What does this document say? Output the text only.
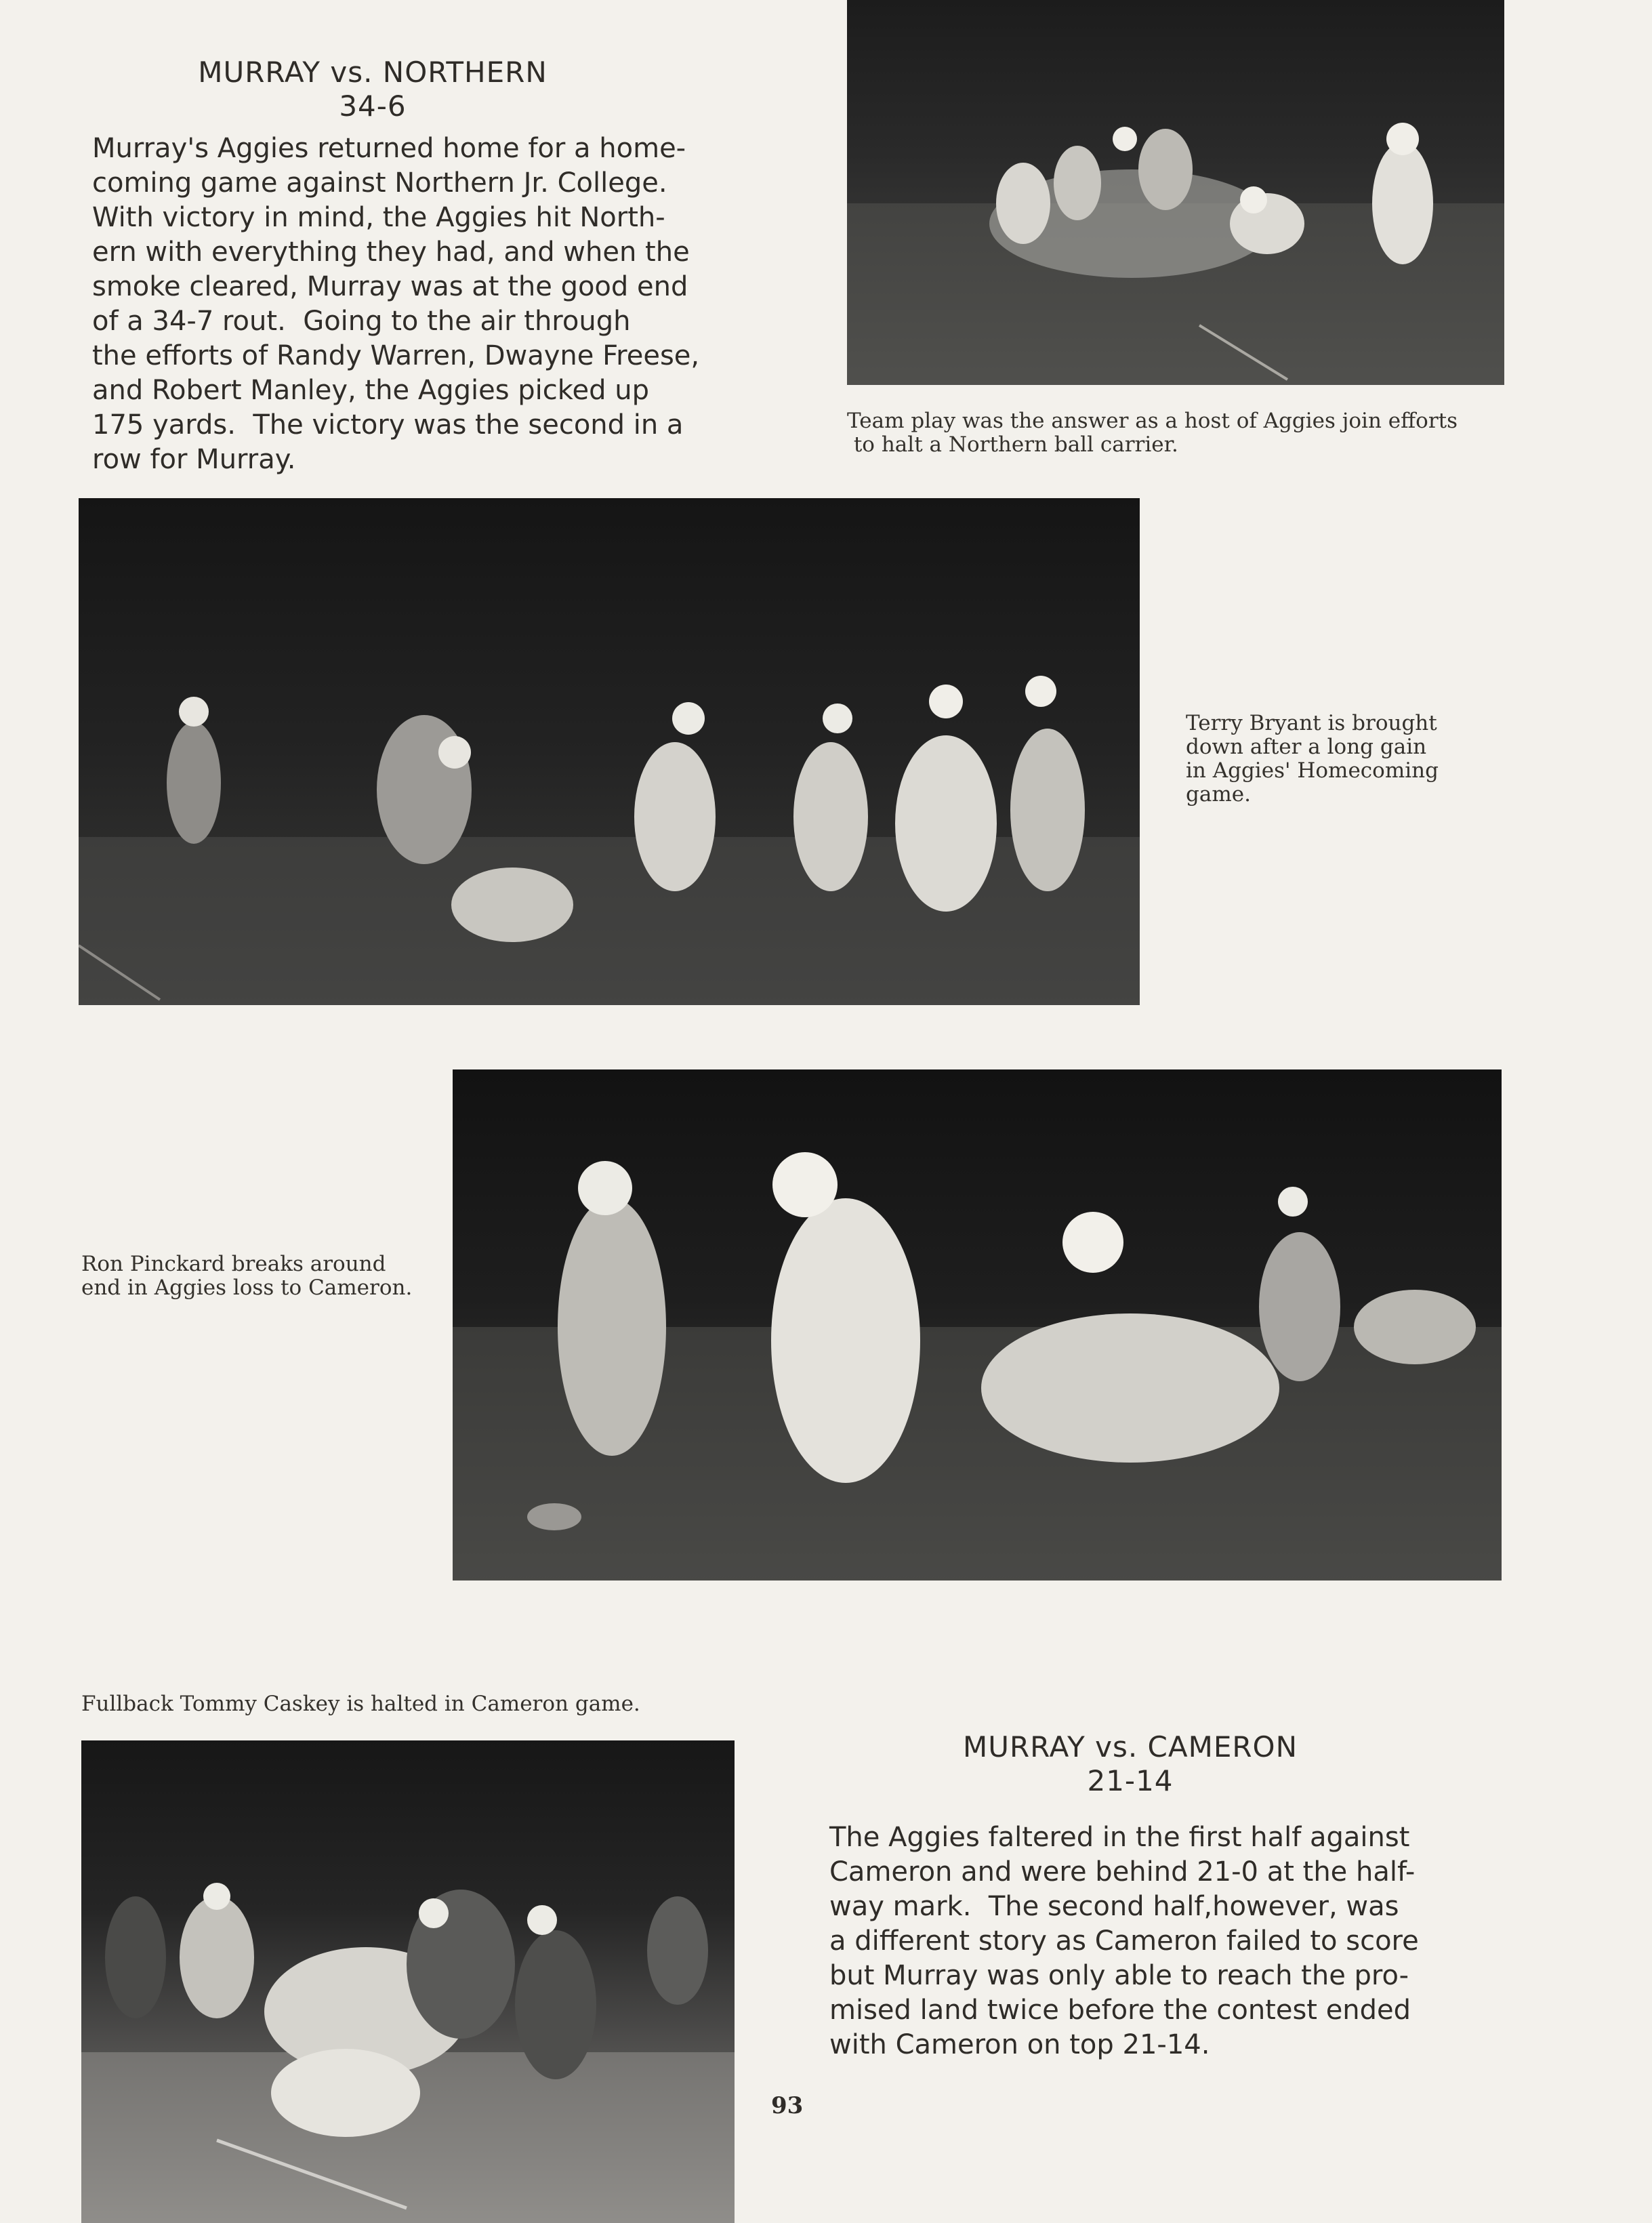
MURRAY vs. NORTHERN
34-6
Murray's Aggies returned home for a home-
coming game against Northern Jr. College.
With victory in mind, the Aggies hit North-
ern with everything they had, and when the
smoke cleared, Murray was at the good end
of a 34-7 rout.  Going to the air through
the efforts of Randy Warren, Dwayne Freese,
and Robert Manley, the Aggies picked up
175 yards.  The victory was the second in a
row for Murray.
Team play was the answer as a host of Aggies join efforts
to halt a Northern ball carrier.
Terry Bryant is brought
down after a long gain
in Aggies' Homecoming
game.
Ron Pinckard breaks around
end in Aggies loss to Cameron.
Fullback Tommy Caskey is halted in Cameron game.
93
MURRAY vs. CAMERON
21-14
The Aggies faltered in the first half against
Cameron and were behind 21-0 at the half-
way mark.  The second half,however, was
a different story as Cameron failed to score
but Murray was only able to reach the pro-
mised land twice before the contest ended
with Cameron on top 21-14.
